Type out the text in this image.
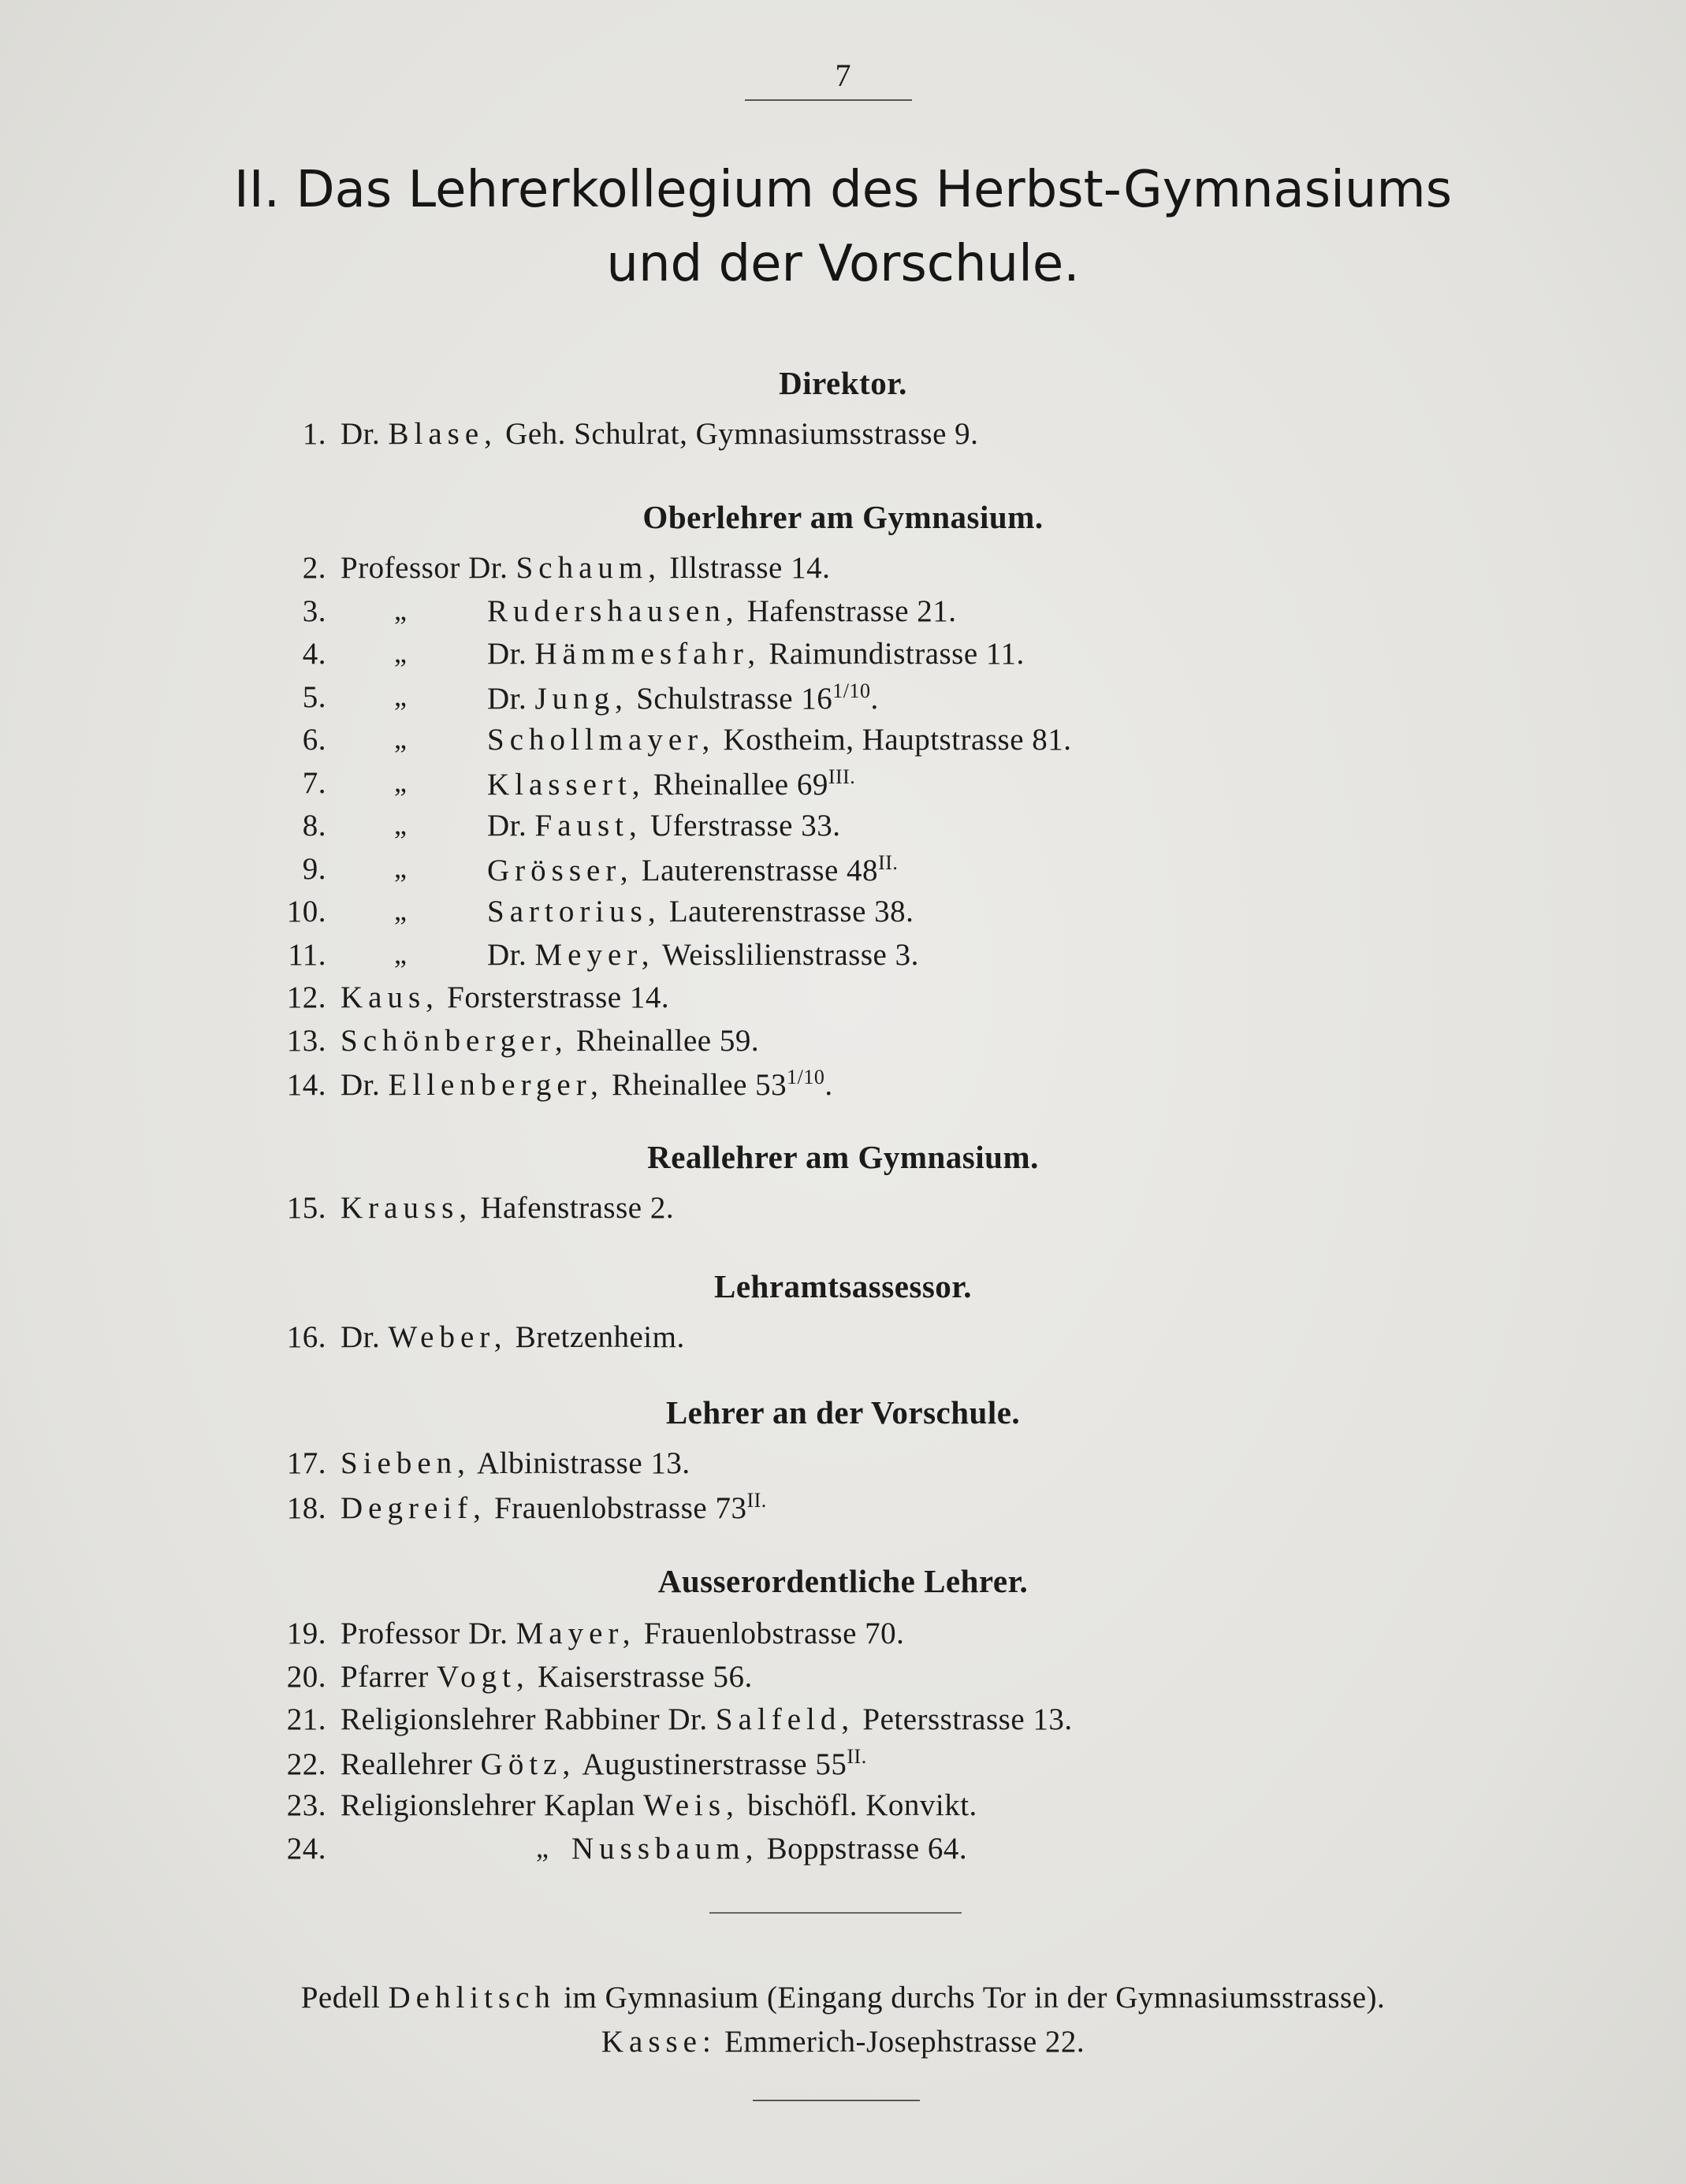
7
II. Das Lehrerkollegium des Herbst-Gymnasiums
und der Vorschule.
Direktor.
1. Dr. Blase, Geh. Schulrat, Gymnasiumsstrasse 9.
Oberlehrer am Gymnasium.
2. Professor Dr. Schaum, Illstrasse 14.
3. „	Rudershausen, Hafenstrasse 21.
4. „	Dr. Hämmesfahr, Raimundistrasse 11.
5. „	Dr. Jung, Schulstrasse $16^{1/10}$.
6. „	Schollmayer, Kostheim, Hauptstrasse 81.
7. „	Klassert, Rheinallee $69^{III.}$
8. „	Dr. Faust, Uferstrasse 33.
9. „	Grösser, Lauterenstrasse $48^{II.}$
10. „	Sartorius, Lauterenstrasse 38.
11. „	Dr. Meyer, Weisslilienstrasse 3.
12. Kaus, Forsterstrasse 14.
13. Schönberger, Rheinallee 59.
14. Dr. Ellenberger, Rheinallee $53^{1/10}$.
Reallehrer am Gymnasium.
15. Krauss, Hafenstrasse 2.
Lehramtsassessor.
16. Dr. Weber, Bretzenheim.
Lehrer an der Vorschule.
17. Sieben, Albinistrasse 13.
18. Degreif, Frauenlobstrasse $73^{II.}$
Ausserordentliche Lehrer.
19. Professor Dr. Mayer, Frauenlobstrasse 70.
20. Pfarrer Vogt, Kaiserstrasse 56.
21. Religionslehrer Rabbiner Dr. Salfeld, Petersstrasse 13.
22. Reallehrer Götz, Augustinerstrasse $55^{II.}$
23. Religionslehrer Kaplan Weis, bischöfl. Konvikt.
24.	„ Nussbaum, Boppstrasse 64.
Pedell Dehlitsch im Gymnasium (Eingang durchs Tor in der Gymnasiumsstrasse).
Kasse: Emmerich-Josephstrasse 22.
